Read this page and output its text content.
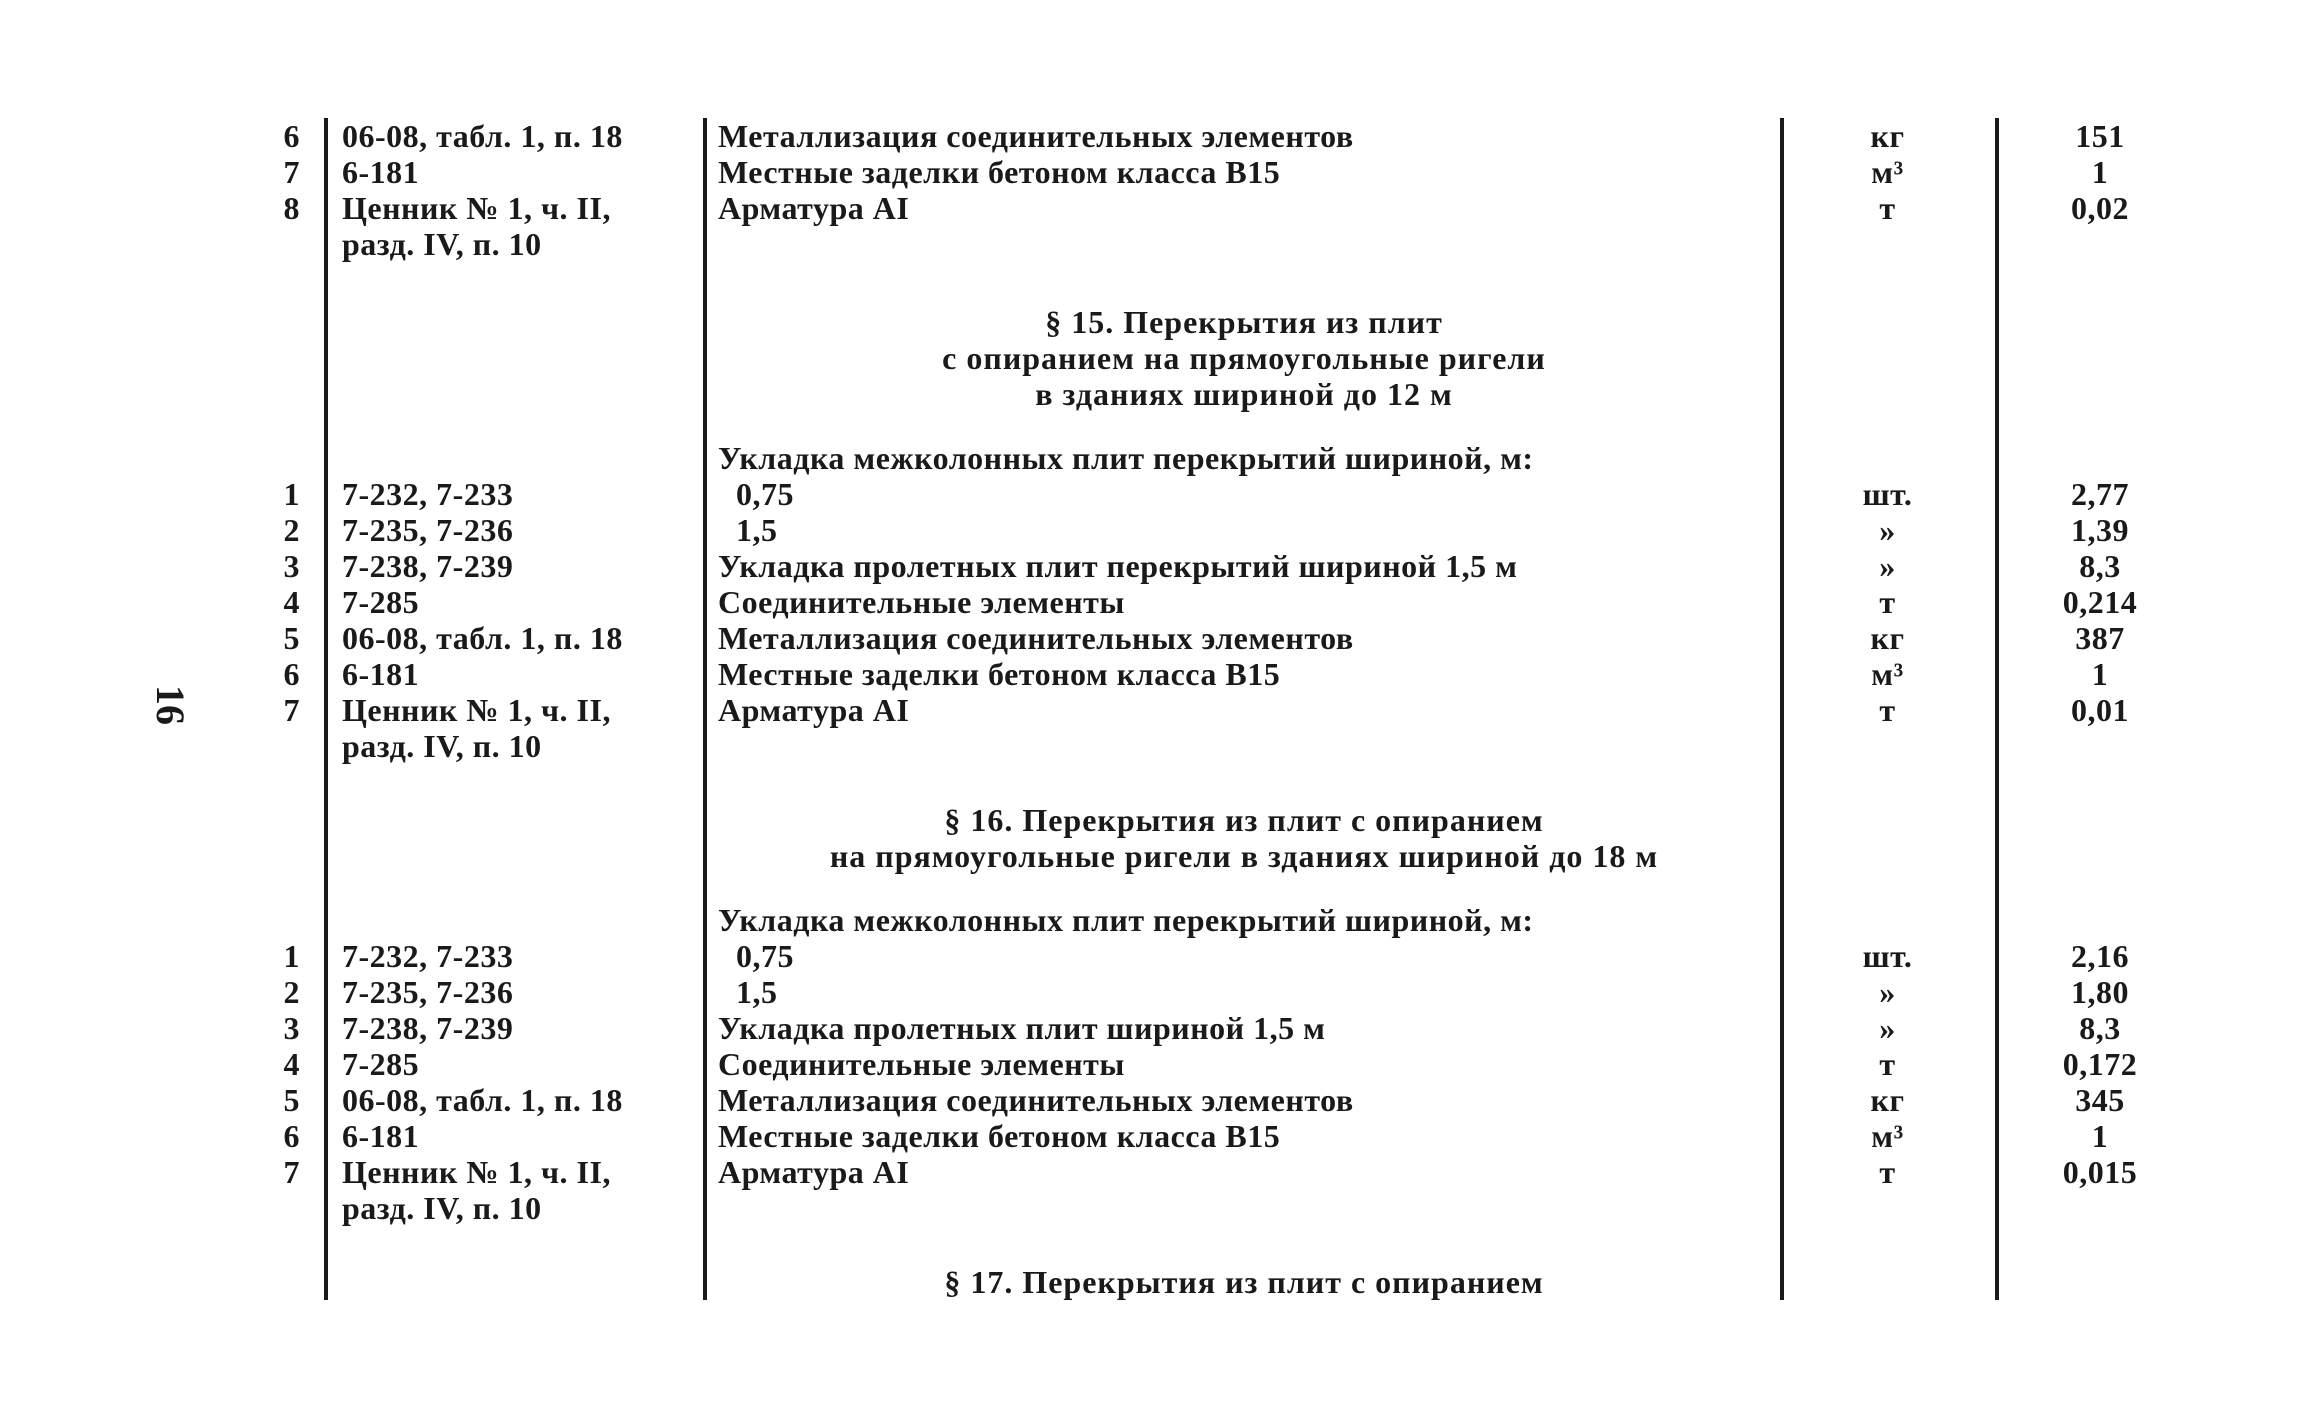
16
6 06-08, табл. 1, п. 18	Металлизация соединительных элементов	кг	151
7 6-181	Местные заделки бетоном класса В15	м³	1
8 Ценник № 1, ч. II,	Арматура АI	т	0,02
разд. IV, п. 10
§ 15. Перекрытия из плит
с опиранием на прямоугольные ригели
в зданиях шириной до 12 м
Укладка межколонных плит перекрытий шириной, м:
1 7-232, 7-233	0,75	шт.	2,77
2 7-235, 7-236	1,5	»	1,39
3 7-238, 7-239	Укладка пролетных плит перекрытий шириной 1,5 м	»	8,3
4 7-285	Соединительные элементы	т	0,214
5 06-08, табл. 1, п. 18	Металлизация соединительных элементов	кг	387
6 6-181	Местные заделки бетоном класса В15	м³	1
7 Ценник № 1, ч. II,	Арматура АI	т	0,01
разд. IV, п. 10
§ 16. Перекрытия из плит с опиранием
на прямоугольные ригели в зданиях шириной до 18 м
Укладка межколонных плит перекрытий шириной, м:
1 7-232, 7-233	0,75	шт.	2,16
2 7-235, 7-236	1,5	»	1,80
3 7-238, 7-239	Укладка пролетных плит шириной 1,5 м	»	8,3
4 7-285	Соединительные элементы	т	0,172
5 06-08, табл. 1, п. 18	Металлизация соединительных элементов	кг	345
6 6-181	Местные заделки бетоном класса В15	м³	1
7 Ценник № 1, ч. II,	Арматура АI	т	0,015
разд. IV, п. 10
§ 17. Перекрытия из плит с опиранием
